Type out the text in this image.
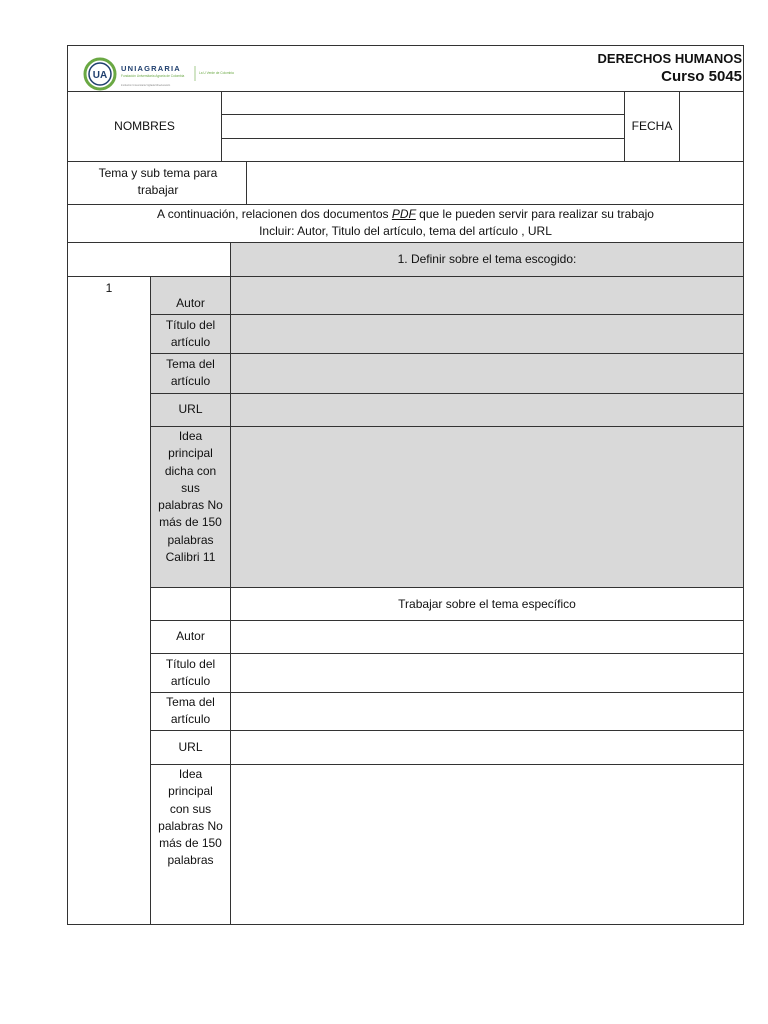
UA
UNIAGRARIA
Fundación Universitaria Agraria de Colombia
Institución Universitaria Vigilada Mineducación
La U Verde de Colombia
DERECHOS HUMANOS
Curso 5045
NOMBRES	FECHA
Tema y sub tema para trabajar
A continuación, relacionen dos documentos PDF que le pueden servir para realizar su trabajo
Incluir: Autor, Titulo del artículo, tema del artículo , URL
1. Definir sobre el tema escogido:
1
Autor
Título del artículo
Tema del artículo
URL
Idea principal dicha con sus palabras No más de 150 palabras Calibri 11
Trabajar sobre el tema específico
Autor
Título del artículo
Tema del artículo
URL
Idea principal con sus palabras No más de 150 palabras
